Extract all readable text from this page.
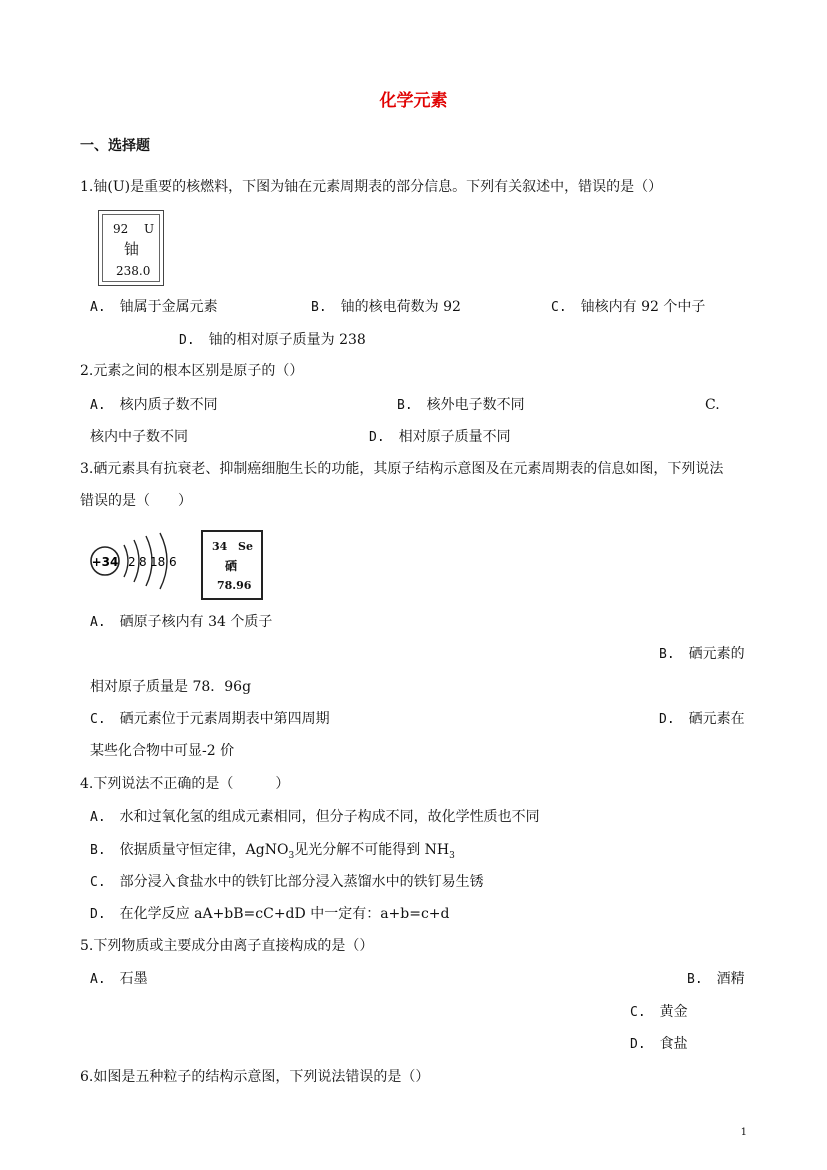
化学元素
一、选择题
1.铀(U)是重要的核燃料，下图为铀在元素周期表的部分信息。下列有关叙述中，错误的是（）
92 U
铀
238.0
A. 铀属于金属元素	B. 铀的核电荷数为 92	C. 铀核内有 92 个中子
D. 铀的相对原子质量为 238
2.元素之间的根本区别是原子的（）
A. 核内质子数不同	B. 核外电子数不同	C.
核内中子数不同	D. 相对原子质量不同
3.硒元素具有抗衰老、抑制癌细胞生长的功能，其原子结构示意图及在元素周期表的信息如图，下列说法
错误的是（　　）
+34 2 8 18 6
34 Se
硒
78.96
A. 硒原子核内有 34 个质子
B. 硒元素的
相对原子质量是 78．96g
C. 硒元素位于元素周期表中第四周期	D. 硒元素在
某些化合物中可显-2 价
4.下列说法不正确的是（　　　）
A. 水和过氧化氢的组成元素相同，但分子构成不同，故化学性质也不同
B. 依据质量守恒定律，AgNO$_3$见光分解不可能得到 $NH_3$
C. 部分浸入食盐水中的铁钉比部分浸入蒸馏水中的铁钉易生锈
D. 在化学反应 aA+bB=cC+dD 中一定有：a+b=c+d
5.下列物质或主要成分由离子直接构成的是（）
A. 石墨	B. 酒精
C. 黄金
D. 食盐
6.如图是五种粒子的结构示意图，下列说法错误的是（）
1
